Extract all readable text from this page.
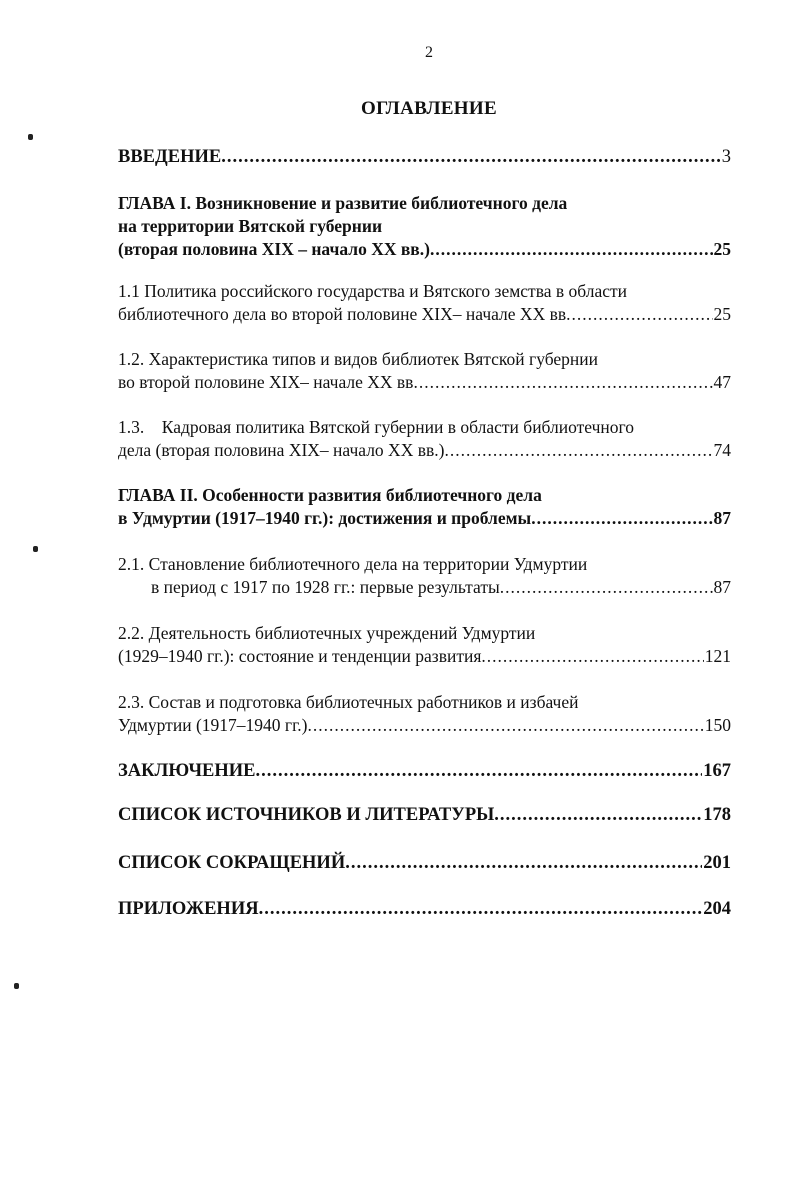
2
ОГЛАВЛЕНИЕ
ВВЕДЕНИЕ .....	3
ГЛАВА I. Возникновение и развитие библиотечного дела
на территории Вятской губернии
(вторая половина XIX – начало XX вв.) .....	25
1.1 Политика российского государства и Вятского земства в области
библиотечного дела во второй половине XIX– начале XX вв .....	25
1.2. Характеристика типов и видов библиотек Вятской губернии
во второй половине XIX– начале XX вв .....	47
1.3.    Кадровая политика Вятской губернии в области библиотечного
дела (вторая половина XIX– начало XX вв.) .....	74
ГЛАВА II. Особенности развития библиотечного дела
в Удмуртии (1917–1940 гг.): достижения и проблемы .....	87
2.1. Становление библиотечного дела на территории Удмуртии
в период с 1917 по 1928 гг.: первые результаты .....	87
2.2. Деятельность библиотечных учреждений Удмуртии
(1929–1940 гг.): состояние и тенденции развития .....	121
2.3. Состав и подготовка библиотечных работников и избачей
Удмуртии (1917–1940 гг.) .....	150
ЗАКЛЮЧЕНИЕ .....	167
СПИСОК ИСТОЧНИКОВ И ЛИТЕРАТУРЫ .....	178
СПИСОК СОКРАЩЕНИЙ .....	201
ПРИЛОЖЕНИЯ .....	204
